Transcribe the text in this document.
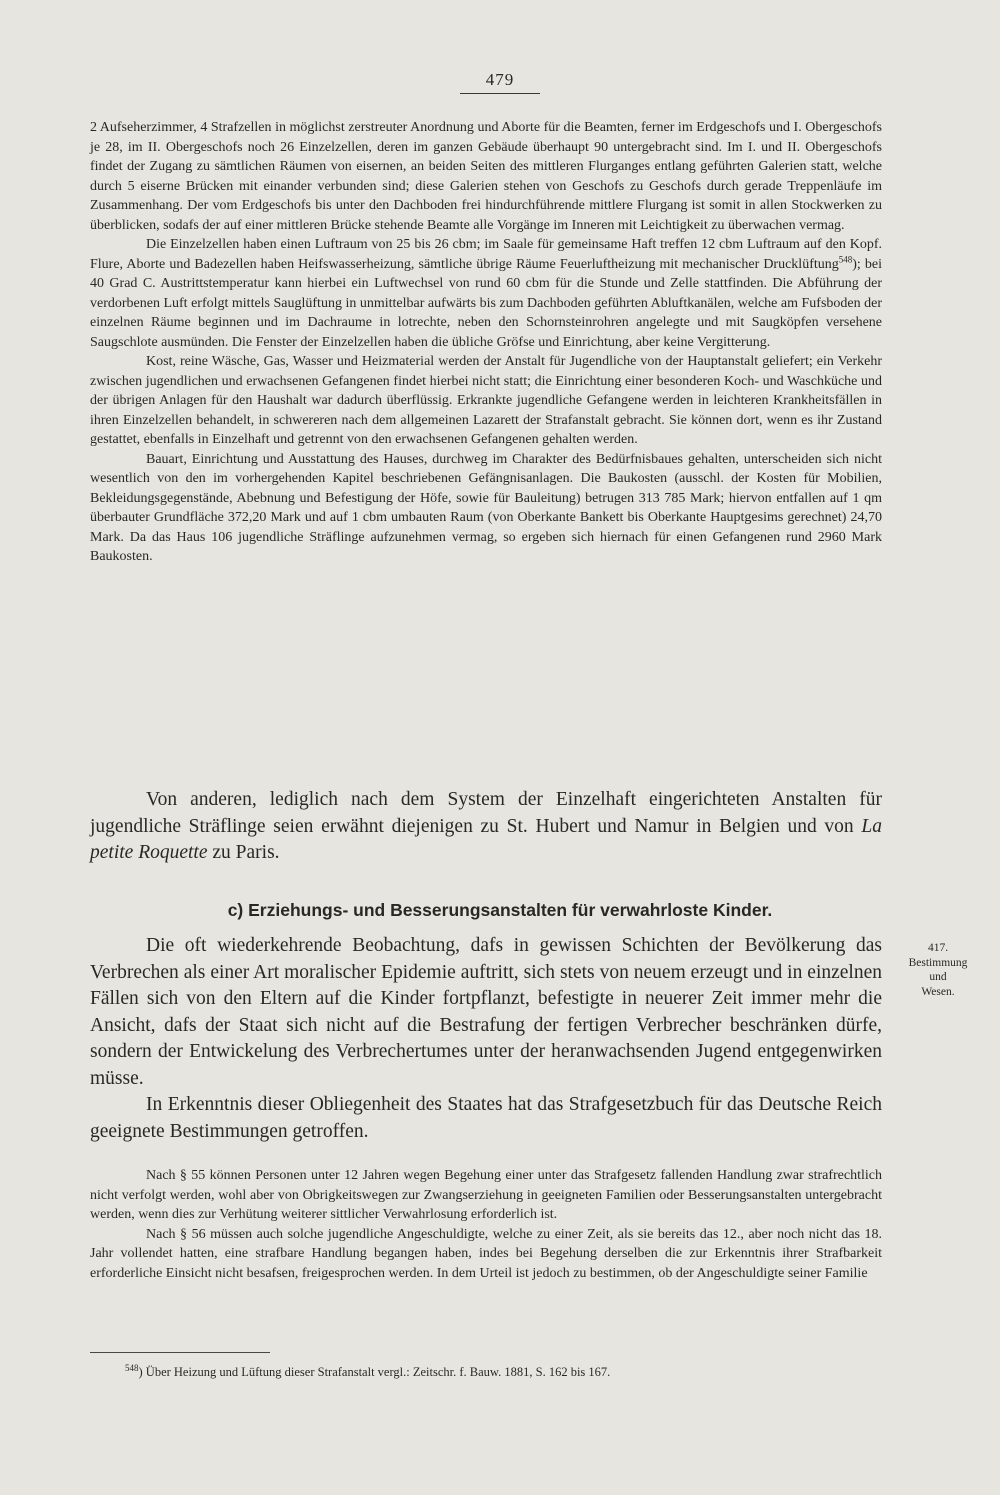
479

2 Aufseherzimmer, 4 Strafzellen in möglichst zerstreuter Anordnung und Aborte für die Beamten, ferner im Erdgeschofs und I. Obergeschofs je 28, im II. Obergeschofs noch 26 Einzelzellen, deren im ganzen Gebäude überhaupt 90 untergebracht sind. Im I. und II. Obergeschofs findet der Zugang zu sämtlichen Räumen von eisernen, an beiden Seiten des mittleren Flurganges entlang geführten Galerien statt, welche durch 5 eiserne Brücken mit einander verbunden sind; diese Galerien stehen von Geschofs zu Geschofs durch gerade Treppenläufe im Zusammenhang. Der vom Erdgeschofs bis unter den Dachboden frei hindurchführende mittlere Flurgang ist somit in allen Stockwerken zu überblicken, sodafs der auf einer mittleren Brücke stehende Beamte alle Vorgänge im Inneren mit Leichtigkeit zu überwachen vermag.

Die Einzelzellen haben einen Luftraum von 25 bis 26 cbm; im Saale für gemeinsame Haft treffen 12 cbm Luftraum auf den Kopf. Flure, Aborte und Badezellen haben Heifswasserheizung, sämtliche übrige Räume Feuerluftheizung mit mechanischer Drucklüftung$^{548}$); bei 40 Grad C. Austrittstemperatur kann hierbei ein Luftwechsel von rund 60 cbm für die Stunde und Zelle stattfinden. Die Abführung der verdorbenen Luft erfolgt mittels Sauglüftung in unmittelbar aufwärts bis zum Dachboden geführten Abluftkanälen, welche am Fufsboden der einzelnen Räume beginnen und im Dachraume in lotrechte, neben den Schornsteinrohren angelegte und mit Saugköpfen versehene Saugschlote ausmünden. Die Fenster der Einzelzellen haben die übliche Gröfse und Einrichtung, aber keine Vergitterung.

Kost, reine Wäsche, Gas, Wasser und Heizmaterial werden der Anstalt für Jugendliche von der Hauptanstalt geliefert; ein Verkehr zwischen jugendlichen und erwachsenen Gefangenen findet hierbei nicht statt; die Einrichtung einer besonderen Koch- und Waschküche und der übrigen Anlagen für den Haushalt war dadurch überflüssig. Erkrankte jugendliche Gefangene werden in leichteren Krankheitsfällen in ihren Einzelzellen behandelt, in schwereren nach dem allgemeinen Lazarett der Strafanstalt gebracht. Sie können dort, wenn es ihr Zustand gestattet, ebenfalls in Einzelhaft und getrennt von den erwachsenen Gefangenen gehalten werden.

Bauart, Einrichtung und Ausstattung des Hauses, durchweg im Charakter des Bedürfnisbaues gehalten, unterscheiden sich nicht wesentlich von den im vorhergehenden Kapitel beschriebenen Gefängnisanlagen. Die Baukosten (ausschl. der Kosten für Mobilien, Bekleidungsgegenstände, Abebnung und Befestigung der Höfe, sowie für Bauleitung) betrugen 313 785 Mark; hiervon entfallen auf 1 qm überbauter Grundfläche 372,20 Mark und auf 1 cbm umbauten Raum (von Oberkante Bankett bis Oberkante Hauptgesims gerechnet) 24,70 Mark. Da das Haus 106 jugendliche Sträflinge aufzunehmen vermag, so ergeben sich hiernach für einen Gefangenen rund 2960 Mark Baukosten.

Von anderen, lediglich nach dem System der Einzelhaft eingerichteten Anstalten für jugendliche Sträflinge seien erwähnt diejenigen zu St. Hubert und Namur in Belgien und von La petite Roquette zu Paris.

c) Erziehungs- und Besserungsanstalten für verwahrloste Kinder.
417.
Bestimmung
und
Wesen.

Die oft wiederkehrende Beobachtung, dafs in gewissen Schichten der Bevölkerung das Verbrechen als einer Art moralischer Epidemie auftritt, sich stets von neuem erzeugt und in einzelnen Fällen sich von den Eltern auf die Kinder fortpflanzt, befestigte in neuerer Zeit immer mehr die Ansicht, dafs der Staat sich nicht auf die Bestrafung der fertigen Verbrecher beschränken dürfe, sondern der Entwickelung des Verbrechertumes unter der heranwachsenden Jugend entgegenwirken müsse.

In Erkenntnis dieser Obliegenheit des Staates hat das Strafgesetzbuch für das Deutsche Reich geeignete Bestimmungen getroffen.

Nach § 55 können Personen unter 12 Jahren wegen Begehung einer unter das Strafgesetz fallenden Handlung zwar strafrechtlich nicht verfolgt werden, wohl aber von Obrigkeitswegen zur Zwangserziehung in geeigneten Familien oder Besserungsanstalten untergebracht werden, wenn dies zur Verhütung weiterer sittlicher Verwahrlosung erforderlich ist.

Nach § 56 müssen auch solche jugendliche Angeschuldigte, welche zu einer Zeit, als sie bereits das 12., aber noch nicht das 18. Jahr vollendet hatten, eine strafbare Handlung begangen haben, indes bei Begehung derselben die zur Erkenntnis ihrer Strafbarkeit erforderliche Einsicht nicht besafsen, freigesprochen werden. In dem Urteil ist jedoch zu bestimmen, ob der Angeschuldigte seiner Familie

$^{548}$) Über Heizung und Lüftung dieser Strafanstalt vergl.: Zeitschr. f. Bauw. 1881, S. 162 bis 167.
